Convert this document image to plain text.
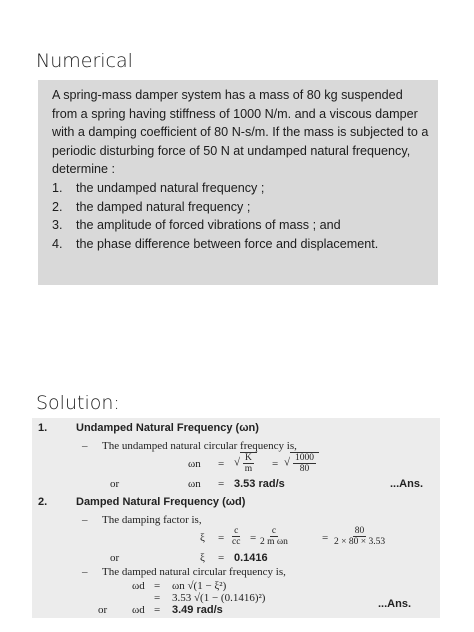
Numerical

A spring-mass damper system has a mass of 80 kg suspended from a spring having stiffness of 1000 N/m. and a viscous damper with a damping coefficient of 80 N-s/m. If the mass is subjected to a periodic disturbing force of 50 N at undamped natural frequency, determine :

1.	the undamped natural frequency ;
2.	the damped natural frequency ;
3.	the amplitude of forced vibrations of mass ; and
4.	the phase difference between force and displacement.
Solution:
1.	Undamped Natural Frequency (ωn)
– The undamped natural circular frequency is,
ωn = √ $\frac{K}{m}$ = √ $\frac{1000}{80}$
or	ωn = 3.53 rad/s	...Ans.
2.	Damped Natural Frequency (ωd)
– The damping factor is,
$\xi = \frac{c}{cc} = \frac{c}{\text{2 m ωn}}$	= $\frac{80}{2 \times 80 \times 3.53}$
or	ξ = 0.1416
– The damped natural circular frequency is,
ωd = ωn √(1 − ξ²)
= 3.53 √(1 − (0.1416)²)
or ωd = 3.49 rad/s	...Ans.
